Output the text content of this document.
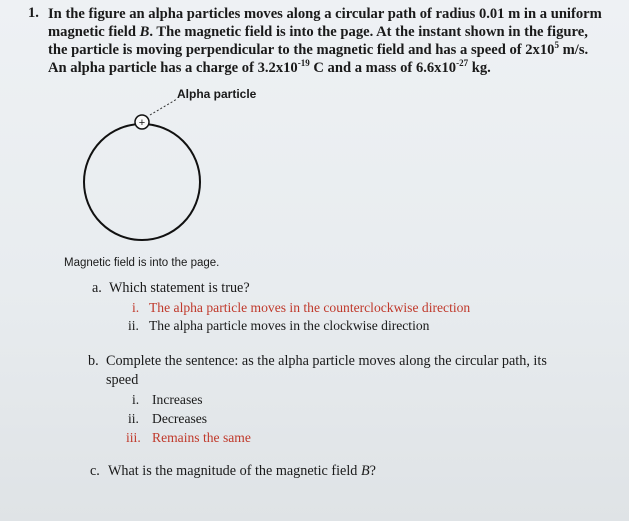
1. In the figure an alpha particles moves along a circular path of radius 0.01 m in a uniform
magnetic field B. The magnetic field is into the page. At the instant shown in the figure,
the particle is moving perpendicular to the magnetic field and has a speed of $2x10^5$ m/s.
An alpha particle has a charge of $3.2x10^{-19}$ C and a mass of $6.6x10^{-27}$ kg.
Alpha particle
+
Magnetic field is into the page.
a. Which statement is true?
i. The alpha particle moves in the counterclockwise direction
ii. The alpha particle moves in the clockwise direction
b. Complete the sentence: as the alpha particle moves along the circular path, its
speed
i. Increases
ii. Decreases
iii. Remains the same
c. What is the magnitude of the magnetic field B?
